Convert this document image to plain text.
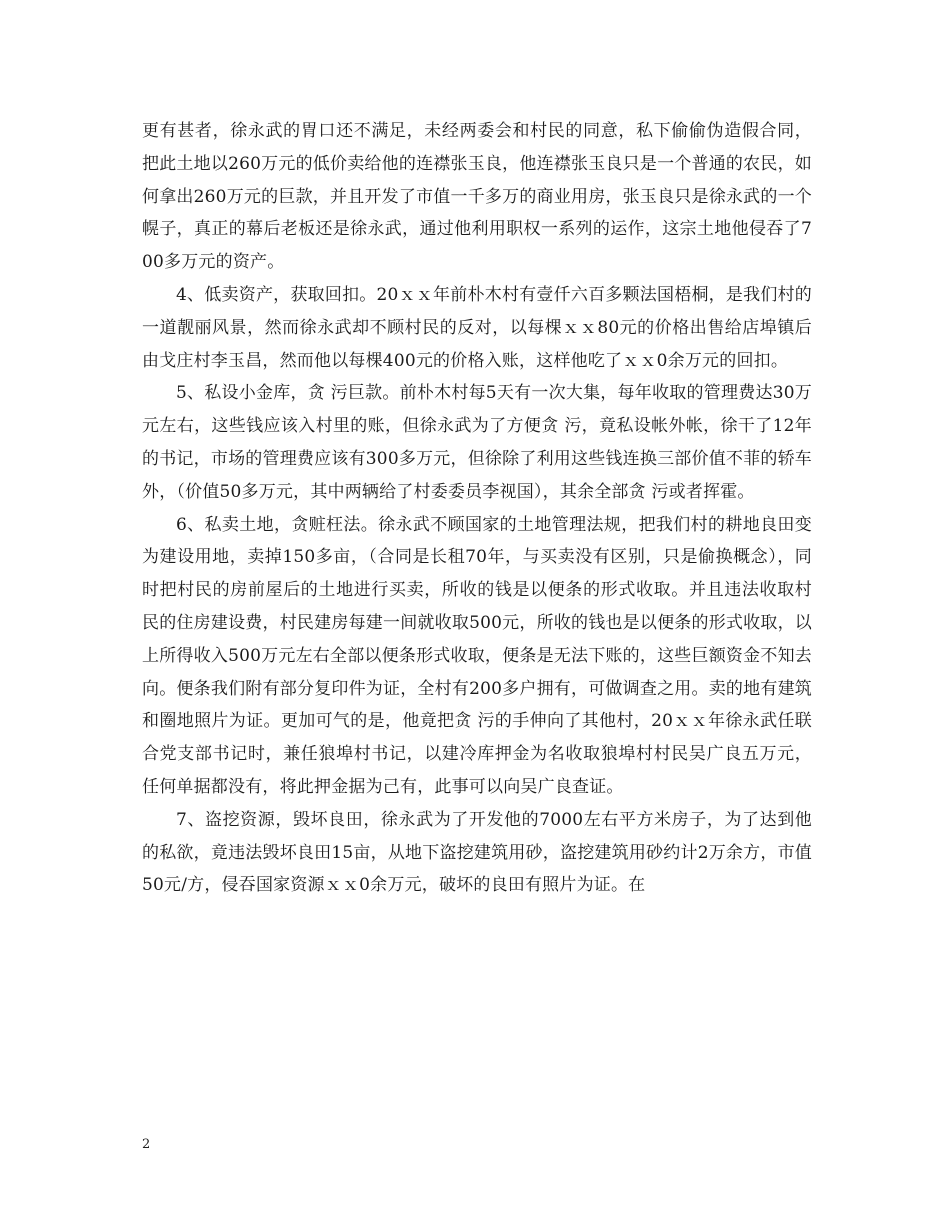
更有甚者，徐永武的胃口还不满足，未经两委会和村民的同意，私下偷偷伪造假合同，把此土地以260万元的低价卖给他的连襟张玉良，他连襟张玉良只是一个普通的农民，如何拿出260万元的巨款，并且开发了市值一千多万的商业用房，张玉良只是徐永武的一个幌子，真正的幕后老板还是徐永武，通过他利用职权一系列的运作，这宗土地他侵吞了700多万元的资产。

4、低卖资产，获取回扣。20ｘｘ年前朴木村有壹仟六百多颗法国梧桐，是我们村的一道靓丽风景，然而徐永武却不顾村民的反对，以每棵ｘｘ80元的价格出售给店埠镇后由戈庄村李玉昌，然而他以每棵400元的价格入账，这样他吃了ｘｘ0余万元的回扣。

5、私设小金库，贪 污巨款。前朴木村每5天有一次大集，每年收取的管理费达30万元左右，这些钱应该入村里的账，但徐永武为了方便贪 污，竟私设帐外帐，徐干了12年的书记，市场的管理费应该有300多万元，但徐除了利用这些钱连换三部价值不菲的轿车外，（价值50多万元，其中两辆给了村委委员李视国），其余全部贪 污或者挥霍。

6、私卖土地，贪赃枉法。徐永武不顾国家的土地管理法规，把我们村的耕地良田变为建设用地，卖掉150多亩，（合同是长租70年，与买卖没有区别，只是偷换概念），同时把村民的房前屋后的土地进行买卖，所收的钱是以便条的形式收取。并且违法收取村民的住房建设费，村民建房每建一间就收取500元，所收的钱也是以便条的形式收取，以上所得收入500万元左右全部以便条形式收取，便条是无法下账的，这些巨额资金不知去向。便条我们附有部分复印件为证，全村有200多户拥有，可做调查之用。卖的地有建筑和圈地照片为证。更加可气的是，他竟把贪 污的手伸向了其他村，20ｘｘ年徐永武任联合党支部书记时，兼任狼埠村书记，以建冷库押金为名收取狼埠村村民吴广良五万元，任何单据都没有，将此押金据为己有，此事可以向吴广良查证。

7、盗挖资源，毁坏良田，徐永武为了开发他的7000左右平方米房子，为了达到他的私欲，竟违法毁坏良田15亩，从地下盗挖建筑用砂，盗挖建筑用砂约计2万余方，市值50元/方，侵吞国家资源ｘｘ0余万元，破坏的良田有照片为证。在

2
